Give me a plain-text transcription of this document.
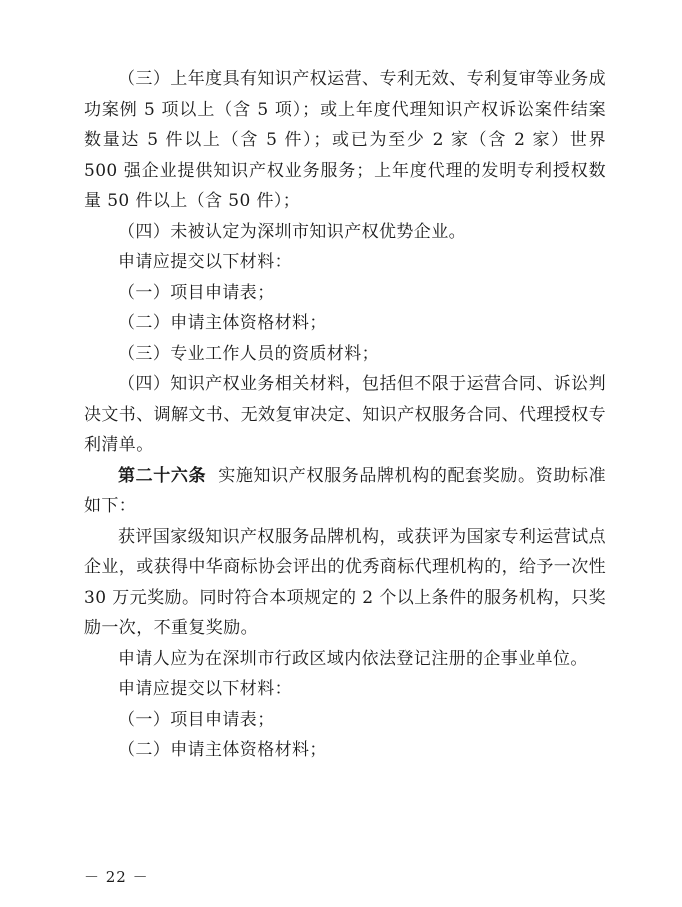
（三）上年度具有知识产权运营、专利无效、专利复审等业务成功案例 5 项以上（含 5 项）；或上年度代理知识产权诉讼案件结案数量达 5 件以上（含 5 件）；或已为至少 2 家（含 2 家）世界 500 强企业提供知识产权业务服务；上年度代理的发明专利授权数量 50 件以上（含 50 件）；

（四）未被认定为深圳市知识产权优势企业。

申请应提交以下材料：

（一）项目申请表；

（二）申请主体资格材料；

（三）专业工作人员的资质材料；

（四）知识产权业务相关材料，包括但不限于运营合同、诉讼判决文书、调解文书、无效复审决定、知识产权服务合同、代理授权专利清单。

第二十六条  实施知识产权服务品牌机构的配套奖励。资助标准如下：

获评国家级知识产权服务品牌机构，或获评为国家专利运营试点企业，或获得中华商标协会评出的优秀商标代理机构的，给予一次性 30 万元奖励。同时符合本项规定的 2 个以上条件的服务机构，只奖励一次，不重复奖励。

申请人应为在深圳市行政区域内依法登记注册的企事业单位。

申请应提交以下材料：

（一）项目申请表；

（二）申请主体资格材料；

－ 22 －
